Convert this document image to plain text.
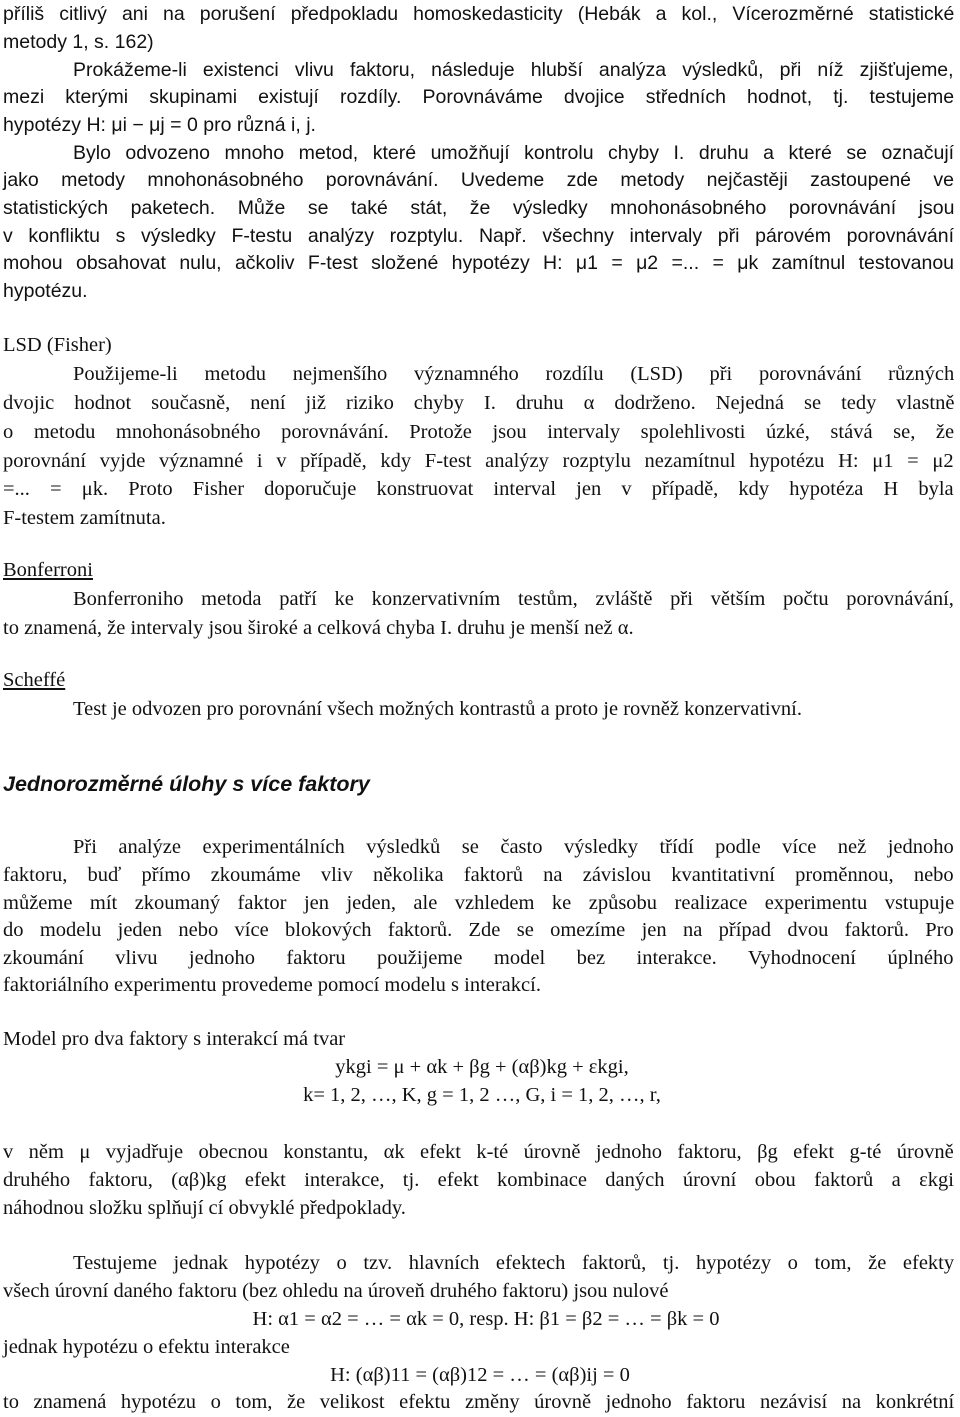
příliš citlivý ani na porušení předpokladu homoskedasticity (Hebák a kol., Vícerozměrné statistické
metody 1, s. 162)
Prokážeme-li existenci vlivu faktoru, následuje hlubší analýza výsledků, při níž zjišťujeme,
mezi kterými skupinami existují rozdíly. Porovnáváme dvojice středních hodnot, tj. testujeme
hypotézy H: μi − μj = 0 pro různá i, j.
Bylo odvozeno mnoho metod, které umožňují kontrolu chyby I. druhu a které se označují
jako metody mnohonásobného porovnávání. Uvedeme zde metody nejčastěji zastoupené ve
statistických paketech. Může se také stát, že výsledky mnohonásobného porovnávání jsou
v konfliktu s výsledky F-testu analýzy rozptylu. Např. všechny intervaly při párovém porovnávání
mohou obsahovat nulu, ačkoliv F-test složené hypotézy H: μ1 = μ2 =... = μk zamítnul testovanou
hypotézu.
LSD (Fisher)
Použijeme-li metodu nejmenšího významného rozdílu (LSD) při porovnávání různých
dvojic hodnot současně, není již riziko chyby I. druhu α dodrženo. Nejedná se tedy vlastně
o metodu mnohonásobného porovnávání. Protože jsou intervaly spolehlivosti úzké, stává se, že
porovnání vyjde významné i v případě, kdy F-test analýzy rozptylu nezamítnul hypotézu H: μ1 = μ2
=... = μk. Proto Fisher doporučuje konstruovat interval jen v případě, kdy hypotéza H byla
F-testem zamítnuta.
Bonferroni
Bonferroniho metoda patří ke konzervativním testům, zvláště při větším počtu porovnávání,
to znamená, že intervaly jsou široké a celková chyba I. druhu je menší než α.
Scheffé
Test je odvozen pro porovnání všech možných kontrastů a proto je rovněž konzervativní.
Při analýze experimentálních výsledků se často výsledky třídí podle více než jednoho
faktoru, buď přímo zkoumáme vliv několika faktorů na závislou kvantitativní proměnnou, nebo
můžeme mít zkoumaný faktor jen jeden, ale vzhledem ke způsobu realizace experimentu vstupuje
do modelu jeden nebo více blokových faktorů. Zde se omezíme jen na případ dvou faktorů. Pro
zkoumání vlivu jednoho faktoru použijeme model bez interakce. Vyhodnocení úplného
faktoriálního experimentu provedeme pomocí modelu s interakcí.
Model pro dva faktory s interakcí má tvar
v něm μ vyjadřuje obecnou konstantu, αk efekt k-té úrovně jednoho faktoru, βg efekt g-té úrovně
druhého faktoru, (αβ)kg efekt interakce, tj. efekt kombinace daných úrovní obou faktorů a εkgi
náhodnou složku splňují cí obvyklé předpoklady.
Testujeme jednak hypotézy o tzv. hlavních efektech faktorů, tj. hypotézy o tom, že efekty
všech úrovní daného faktoru (bez ohledu na úroveň druhého faktoru) jsou nulové
jednak hypotézu o efektu interakce
to znamená hypotézu o tom, že velikost efektu změny úrovně jednoho faktoru nezávisí na konkrétní
Jednorozměrné úlohy s více faktory
ykgi = μ + αk + βg + (αβ)kg + εkgi,
k= 1, 2, …, K, g = 1, 2 …, G, i = 1, 2, …, r,
H: α1 = α2 = … = αk = 0, resp. H: β1 = β2 = … = βk = 0
H: (αβ)11 = (αβ)12 = … = (αβ)ij = 0
